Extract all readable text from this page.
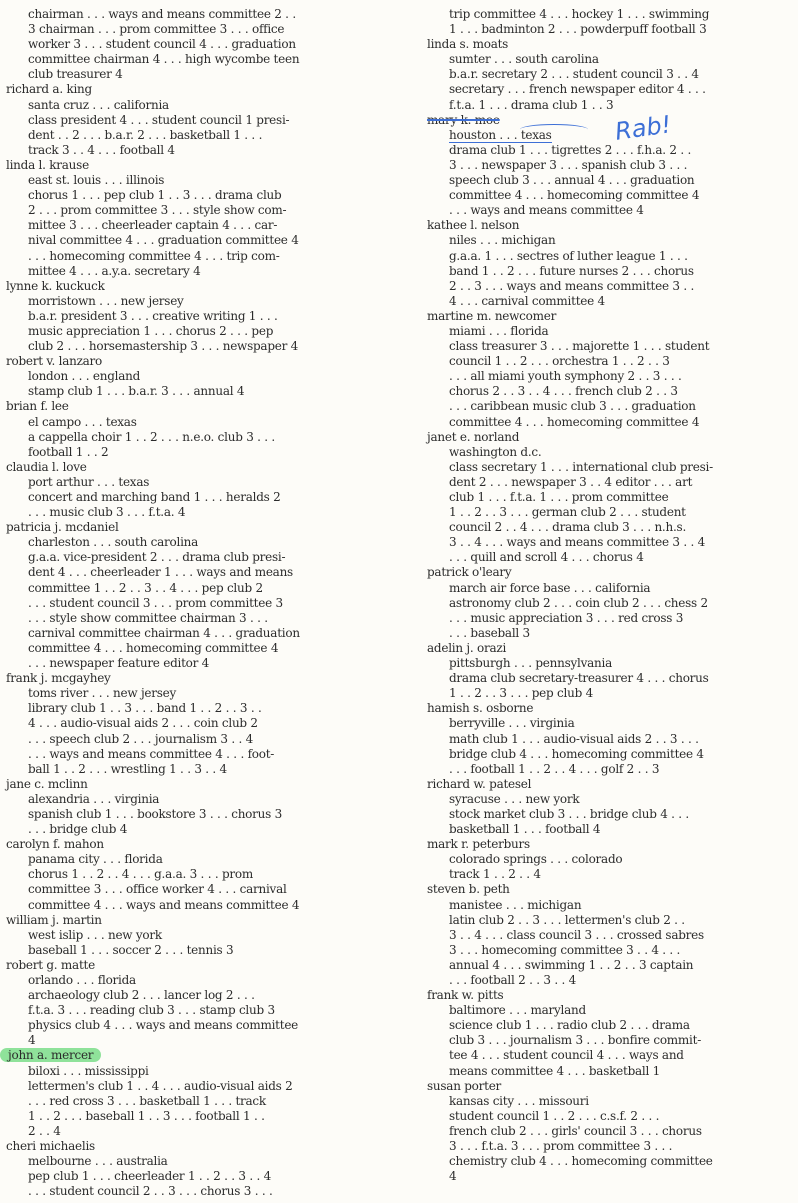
chairman . . . ways and means committee 2 . .
3 chairman . . . prom committee 3 . . . office
worker 3 . . . student council 4 . . . graduation
committee chairman 4 . . . high wycombe teen
club treasurer 4
richard a. king
santa cruz . . . california
class president 4 . . . student council 1 presi-
dent . . 2 . . . b.a.r. 2 . . . basketball 1 . . .
track 3 . . 4 . . . football 4
linda l. krause
east st. louis . . . illinois
chorus 1 . . . pep club 1 . . 3 . . . drama club
2 . . . prom committee 3 . . . style show com-
mittee 3 . . . cheerleader captain 4 . . . car-
nival committee 4 . . . graduation committee 4
. . . homecoming committee 4 . . . trip com-
mittee 4 . . . a.y.a. secretary 4
lynne k. kuckuck
morristown . . . new jersey
b.a.r. president 3 . . . creative writing 1 . . .
music appreciation 1 . . . chorus 2 . . . pep
club 2 . . . horsemastership 3 . . . newspaper 4
robert v. lanzaro
london . . . england
stamp club 1 . . . b.a.r. 3 . . . annual 4
brian f. lee
el campo . . . texas
a cappella choir 1 . . 2 . . . n.e.o. club 3 . . .
football 1 . . 2
claudia l. love
port arthur . . . texas
concert and marching band 1 . . . heralds 2
. . . music club 3 . . . f.t.a. 4
patricia j. mcdaniel
charleston . . . south carolina
g.a.a. vice-president 2 . . . drama club presi-
dent 4 . . . cheerleader 1 . . . ways and means
committee 1 . . 2 . . 3 . . 4 . . . pep club 2
. . . student council 3 . . . prom committee 3
. . . style show committee chairman 3 . . .
carnival committee chairman 4 . . . graduation
committee 4 . . . homecoming committee 4
. . . newspaper feature editor 4
frank j. mcgayhey
toms river . . . new jersey
library club 1 . . 3 . . . band 1 . . 2 . . 3 . .
4 . . . audio-visual aids 2 . . . coin club 2
. . . speech club 2 . . . journalism 3 . . 4
. . . ways and means committee 4 . . . foot-
ball 1 . . 2 . . . wrestling 1 . . 3 . . 4
jane c. mclinn
alexandria . . . virginia
spanish club 1 . . . bookstore 3 . . . chorus 3
. . . bridge club 4
carolyn f. mahon
panama city . . . florida
chorus 1 . . 2 . . 4 . . . g.a.a. 3 . . . prom
committee 3 . . . office worker 4 . . . carnival
committee 4 . . . ways and means committee 4
william j. martin
west islip . . . new york
baseball 1 . . . soccer 2 . . . tennis 3
robert g. matte
orlando . . . florida
archaeology club 2 . . . lancer log 2 . . .
f.t.a. 3 . . . reading club 3 . . . stamp club 3
physics club 4 . . . ways and means committee
4
john a. mercer
biloxi . . . mississippi
lettermen's club 1 . . 4 . . . audio-visual aids 2
. . . red cross 3 . . . basketball 1 . . . track
1 . . 2 . . . baseball 1 . . 3 . . . football 1 . .
2 . . 4
cheri michaelis
melbourne . . . australia
pep club 1 . . . cheerleader 1 . . 2 . . 3 . . 4
. . . student council 2 . . 3 . . . chorus 3 . . .
trip committee 4 . . . hockey 1 . . . swimming
1 . . . badminton 2 . . . powderpuff football 3
linda s. moats
sumter . . . south carolina
b.a.r. secretary 2 . . . student council 3 . . 4
secretary . . . french newspaper editor 4 . . .
f.t.a. 1 . . . drama club 1 . . 3
mary k. moe
houston . . . texas
drama club 1 . . . tigrettes 2 . . . f.h.a. 2 . .
3 . . . newspaper 3 . . . spanish club 3 . . .
speech club 3 . . . annual 4 . . . graduation
committee 4 . . . homecoming committee 4
. . . ways and means committee 4
kathee l. nelson
niles . . . michigan
g.a.a. 1 . . . sectres of luther league 1 . . .
band 1 . . 2 . . . future nurses 2 . . . chorus
2 . . 3 . . . ways and means committee 3 . .
4 . . . carnival committee 4
martine m. newcomer
miami . . . florida
class treasurer 3 . . . majorette 1 . . . student
council 1 . . 2 . . . orchestra 1 . . 2 . . 3
. . . all miami youth symphony 2 . . 3 . . .
chorus 2 . . 3 . . 4 . . . french club 2 . . 3
. . . caribbean music club 3 . . . graduation
committee 4 . . . homecoming committee 4
janet e. norland
washington d.c.
class secretary 1 . . . international club presi-
dent 2 . . . newspaper 3 . . 4 editor . . . art
club 1 . . . f.t.a. 1 . . . prom committee
1 . . 2 . . 3 . . . german club 2 . . . student
council 2 . . 4 . . . drama club 3 . . . n.h.s.
3 . . 4 . . . ways and means committee 3 . . 4
. . . quill and scroll 4 . . . chorus 4
patrick o'leary
march air force base . . . california
astronomy club 2 . . . coin club 2 . . . chess 2
. . . music appreciation 3 . . . red cross 3
. . . baseball 3
adelin j. orazi
pittsburgh . . . pennsylvania
drama club secretary-treasurer 4 . . . chorus
1 . . 2 . . 3 . . . pep club 4
hamish s. osborne
berryville . . . virginia
math club 1 . . . audio-visual aids 2 . . 3 . . .
bridge club 4 . . . homecoming committee 4
. . . football 1 . . 2 . . 4 . . . golf 2 . . 3
richard w. patesel
syracuse . . . new york
stock market club 3 . . . bridge club 4 . . .
basketball 1 . . . football 4
mark r. peterburs
colorado springs . . . colorado
track 1 . . 2 . . 4
steven b. peth
manistee . . . michigan
latin club 2 . . 3 . . . lettermen's club 2 . .
3 . . 4 . . . class council 3 . . . crossed sabres
3 . . . homecoming committee 3 . . 4 . . .
annual 4 . . . swimming 1 . . 2 . . 3 captain
. . . football 2 . . 3 . . 4
frank w. pitts
baltimore . . . maryland
science club 1 . . . radio club 2 . . . drama
club 3 . . . journalism 3 . . . bonfire commit-
tee 4 . . . student council 4 . . . ways and
means committee 4 . . . basketball 1
susan porter
kansas city . . . missouri
student council 1 . . 2 . . . c.s.f. 2 . . .
french club 2 . . . girls' council 3 . . . chorus
3 . . . f.t.a. 3 . . . prom committee 3 . . .
chemistry club 4 . . . homecoming committee
4
Rab!
